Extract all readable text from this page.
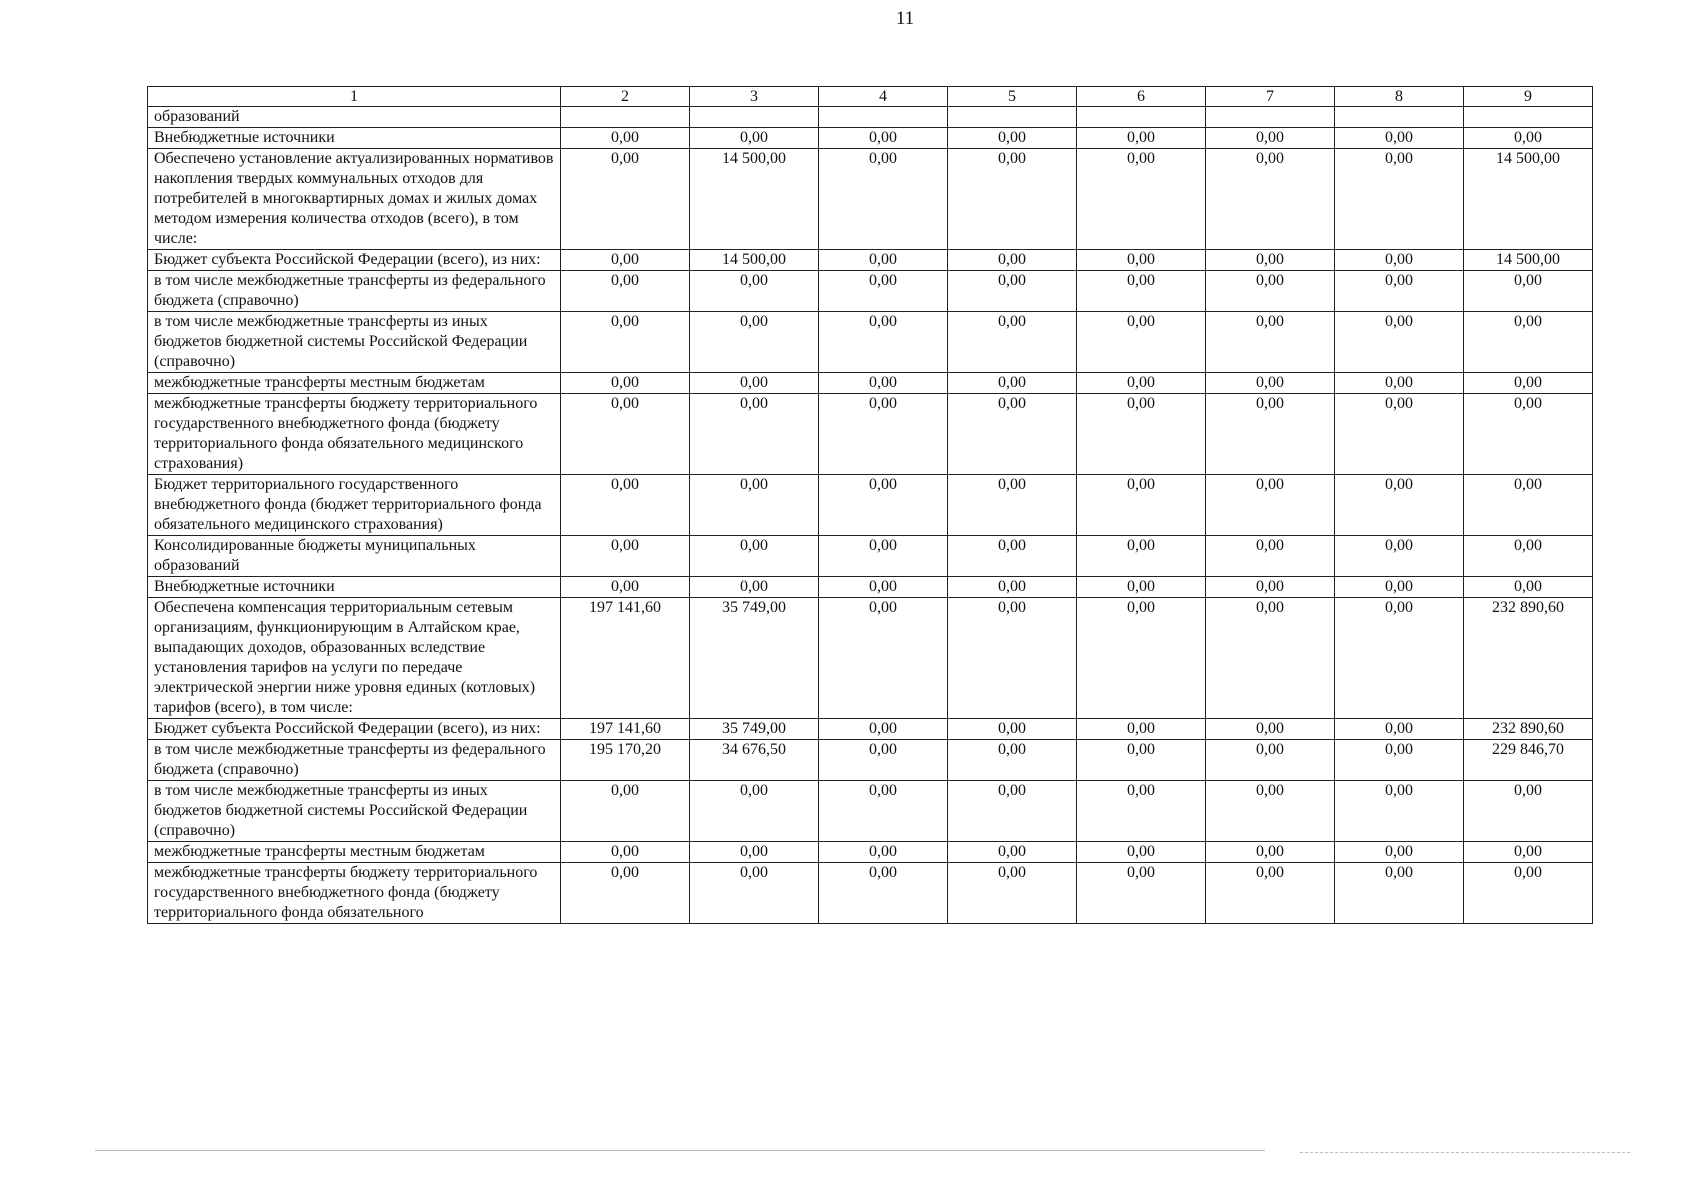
11
1	2	3	4	5	6	7	8	9
образований								
Внебюджетные источники	0,00	0,00	0,00	0,00	0,00	0,00	0,00	0,00
Обеспечено установление актуализированных нормативов накопления твердых коммунальных отходов для потребителей в многоквартирных домах и жилых домах методом измерения количества отходов (всего), в том числе:	0,00	14 500,00	0,00	0,00	0,00	0,00	0,00	14 500,00
Бюджет субъекта Российской Федерации (всего), из них:	0,00	14 500,00	0,00	0,00	0,00	0,00	0,00	14 500,00
в том числе межбюджетные трансферты из федерального бюджета (справочно)	0,00	0,00	0,00	0,00	0,00	0,00	0,00	0,00
в том числе межбюджетные трансферты из иных бюджетов бюджетной системы Российской Федерации (справочно)	0,00	0,00	0,00	0,00	0,00	0,00	0,00	0,00
межбюджетные трансферты местным бюджетам	0,00	0,00	0,00	0,00	0,00	0,00	0,00	0,00
межбюджетные трансферты бюджету территориального государственного внебюджетного фонда (бюджету территориального фонда обязательного медицинского страхования)	0,00	0,00	0,00	0,00	0,00	0,00	0,00	0,00
Бюджет территориального государственного внебюджетного фонда (бюджет территориального фонда обязательного медицинского страхования)	0,00	0,00	0,00	0,00	0,00	0,00	0,00	0,00
Консолидированные бюджеты муниципальных образований	0,00	0,00	0,00	0,00	0,00	0,00	0,00	0,00
Внебюджетные источники	0,00	0,00	0,00	0,00	0,00	0,00	0,00	0,00
Обеспечена компенсация территориальным сетевым организациям, функционирующим в Алтайском крае, выпадающих доходов, образованных вследствие установления тарифов на услуги по передаче электрической энергии ниже уровня единых (котловых) тарифов (всего), в том числе:	197 141,60	35 749,00	0,00	0,00	0,00	0,00	0,00	232 890,60
Бюджет субъекта Российской Федерации (всего), из них:	197 141,60	35 749,00	0,00	0,00	0,00	0,00	0,00	232 890,60
в том числе межбюджетные трансферты из федерального бюджета (справочно)	195 170,20	34 676,50	0,00	0,00	0,00	0,00	0,00	229 846,70
в том числе межбюджетные трансферты из иных бюджетов бюджетной системы Российской Федерации (справочно)	0,00	0,00	0,00	0,00	0,00	0,00	0,00	0,00
межбюджетные трансферты местным бюджетам	0,00	0,00	0,00	0,00	0,00	0,00	0,00	0,00
межбюджетные трансферты бюджету территориального государственного внебюджетного фонда (бюджету территориального фонда обязательного	0,00	0,00	0,00	0,00	0,00	0,00	0,00	0,00
